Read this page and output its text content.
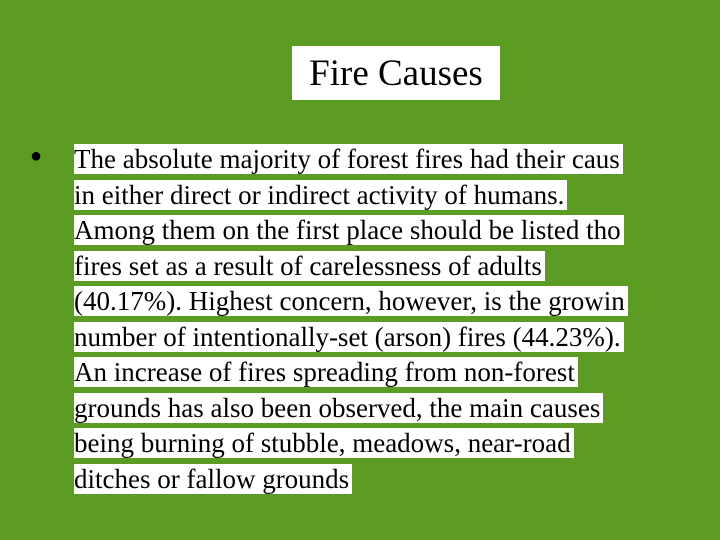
Fire Causes
● The absolute majority of forest fires had their caus
in either direct or indirect activity of humans.
Among them on the first place should be listed tho
fires set as a result of carelessness of adults
(40.17%). Highest concern, however, is the growin
number of intentionally-set (arson) fires (44.23%).
An increase of fires spreading from non-forest
grounds has also been observed, the main causes
being burning of stubble, meadows, near-road
ditches or fallow grounds
